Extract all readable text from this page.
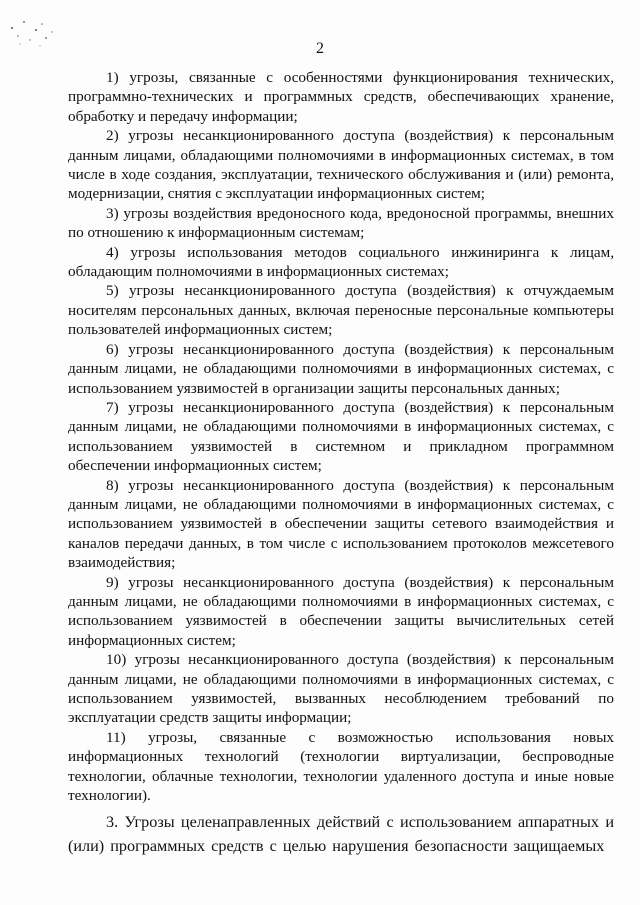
2

1) угрозы, связанные с особенностями функционирования технических, программно-технических и программных средств, обеспечивающих хранение, обработку и передачу информации;

2) угрозы несанкционированного доступа (воздействия) к персональным данным лицами, обладающими полномочиями в информационных системах, в том числе в ходе создания, эксплуатации, технического обслуживания и (или) ремонта, модернизации, снятия с эксплуатации информационных систем;

3) угрозы воздействия вредоносного кода, вредоносной программы, внешних по отношению к информационным системам;

4) угрозы использования методов социального инжиниринга к лицам, обладающим полномочиями в информационных системах;

5) угрозы несанкционированного доступа (воздействия) к отчуждаемым носителям персональных данных, включая переносные персональные компьютеры пользователей информационных систем;

6) угрозы несанкционированного доступа (воздействия) к персональным данным лицами, не обладающими полномочиями в информационных системах, с использованием уязвимостей в организации защиты персональных данных;

7) угрозы несанкционированного доступа (воздействия) к персональным данным лицами, не обладающими полномочиями в информационных системах, с использованием уязвимостей в системном и прикладном программном обеспечении информационных систем;

8) угрозы несанкционированного доступа (воздействия) к персональным данным лицами, не обладающими полномочиями в информационных системах, с использованием уязвимостей в обеспечении защиты сетевого взаимодействия и каналов передачи данных, в том числе с использованием протоколов межсетевого взаимодействия;

9) угрозы несанкционированного доступа (воздействия) к персональным данным лицами, не обладающими полномочиями в информационных системах, с использованием уязвимостей в обеспечении защиты вычислительных сетей информационных систем;

10) угрозы несанкционированного доступа (воздействия) к персональным данным лицами, не обладающими полномочиями в информационных системах, с использованием уязвимостей, вызванных несоблюдением требований по эксплуатации средств защиты информации;

11) угрозы, связанные с возможностью использования новых информационных технологий (технологии виртуализации, беспроводные технологии, облачные технологии, технологии удаленного доступа и иные новые технологии).

3. Угрозы целенаправленных действий с использованием аппаратных и (или) программных средств с целью нарушения безопасности защищаемых
